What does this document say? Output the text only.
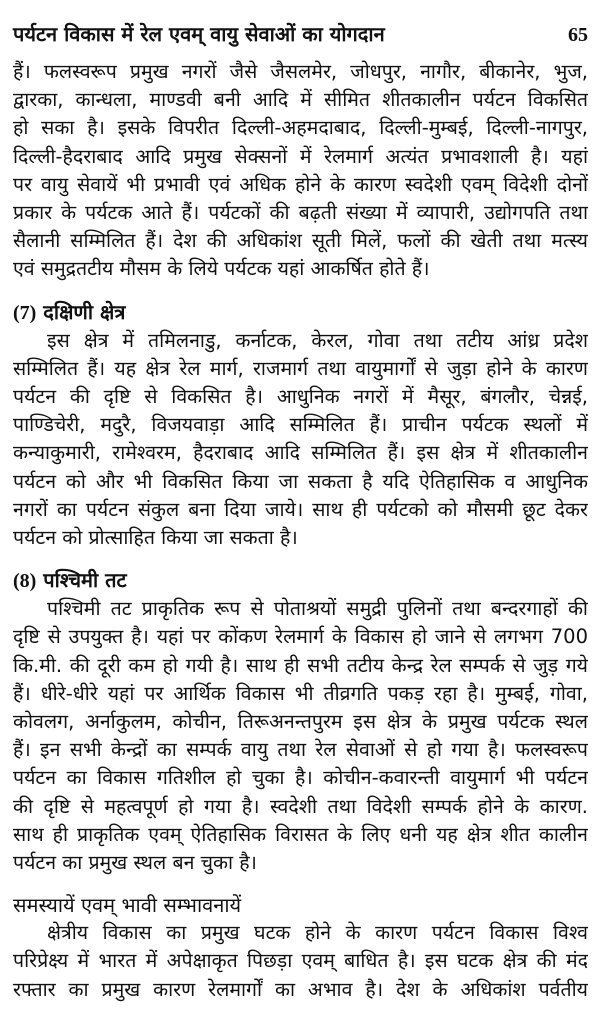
पर्यटन विकास में रेल एवम् वायु सेवाओं का योगदान	65

हैं। फलस्वरूप प्रमुख नगरों जैसे जैसलमेर, जोधपुर, नागौर, बीकानेर, भुज,
द्वारका, कान्धला, माण्डवी बनी आदि में सीमित शीतकालीन पर्यटन विकसित
हो सका है। इसके विपरीत दिल्ली-अहमदाबाद, दिल्ली-मुम्बई, दिल्ली-नागपुर,
दिल्ली-हैदराबाद आदि प्रमुख सेक्सनों में रेलमार्ग अत्यंत प्रभावशाली है। यहां
पर वायु सेवायें भी प्रभावी एवं अधिक होने के कारण स्वदेशी एवम् विदेशी दोनों
प्रकार के पर्यटक आते हैं। पर्यटकों की बढ़ती संख्या में व्यापारी, उद्योगपति तथा
सैलानी सम्मिलित हैं। देश की अधिकांश सूती मिलें, फलों की खेती तथा मत्स्य
एवं समुद्रतटीय मौसम के लिये पर्यटक यहां आकर्षित होते हैं।

(7) दक्षिणी क्षेत्र

इस क्षेत्र में तमिलनाडु, कर्नाटक, केरल, गोवा तथा तटीय आंध्र प्रदेश
सम्मिलित हैं। यह क्षेत्र रेल मार्ग, राजमार्ग तथा वायुमार्गों से जुड़ा होने के कारण
पर्यटन की दृष्टि से विकसित है। आधुनिक नगरों में मैसूर, बंगलौर, चेन्नई,
पाण्डिचेरी, मदुरै, विजयवाड़ा आदि सम्मिलित हैं। प्राचीन पर्यटक स्थलों में
कन्याकुमारी, रामेश्वरम, हैदराबाद आदि सम्मिलित हैं। इस क्षेत्र में शीतकालीन
पर्यटन को और भी विकसित किया जा सकता है यदि ऐतिहासिक व आधुनिक
नगरों का पर्यटन संकुल बना दिया जाये। साथ ही पर्यटको को मौसमी छूट देकर
पर्यटन को प्रोत्साहित किया जा सकता है।

(8) पश्चिमी तट

पश्चिमी तट प्राकृतिक रूप से पोताश्रयों समुद्री पुलिनों तथा बन्दरगाहों की
दृष्टि से उपयुक्त है। यहां पर कोंकण रेलमार्ग के विकास हो जाने से लगभग 700
कि.मी. की दूरी कम हो गयी है। साथ ही सभी तटीय केन्द्र रेल सम्पर्क से जुड़ गये
हैं। धीरे-धीरे यहां पर आर्थिक विकास भी तीव्रगति पकड़ रहा है। मुम्बई, गोवा,
कोवलग, अर्नाकुलम, कोचीन, तिरूअनन्तपुरम इस क्षेत्र के प्रमुख पर्यटक स्थल
हैं। इन सभी केन्द्रों का सम्पर्क वायु तथा रेल सेवाओं से हो गया है। फलस्वरूप
पर्यटन का विकास गतिशील हो चुका है। कोचीन-कवारन्ती वायुमार्ग भी पर्यटन
की दृष्टि से महत्वपूर्ण हो गया है। स्वदेशी तथा विदेशी सम्पर्क होने के कारण.
साथ ही प्राकृतिक एवम् ऐतिहासिक विरासत के लिए धनी यह क्षेत्र शीत कालीन
पर्यटन का प्रमुख स्थल बन चुका है।

समस्यायें एवम् भावी सम्भावनायें

क्षेत्रीय विकास का प्रमुख घटक होने के कारण पर्यटन विकास विश्व
परिप्रेक्ष्य में भारत में अपेक्षाकृत पिछड़ा एवम् बाधित है। इस घटक क्षेत्र की मंद
रफ्तार का प्रमुख कारण रेलमार्गों का अभाव है। देश के अधिकांश पर्वतीय
